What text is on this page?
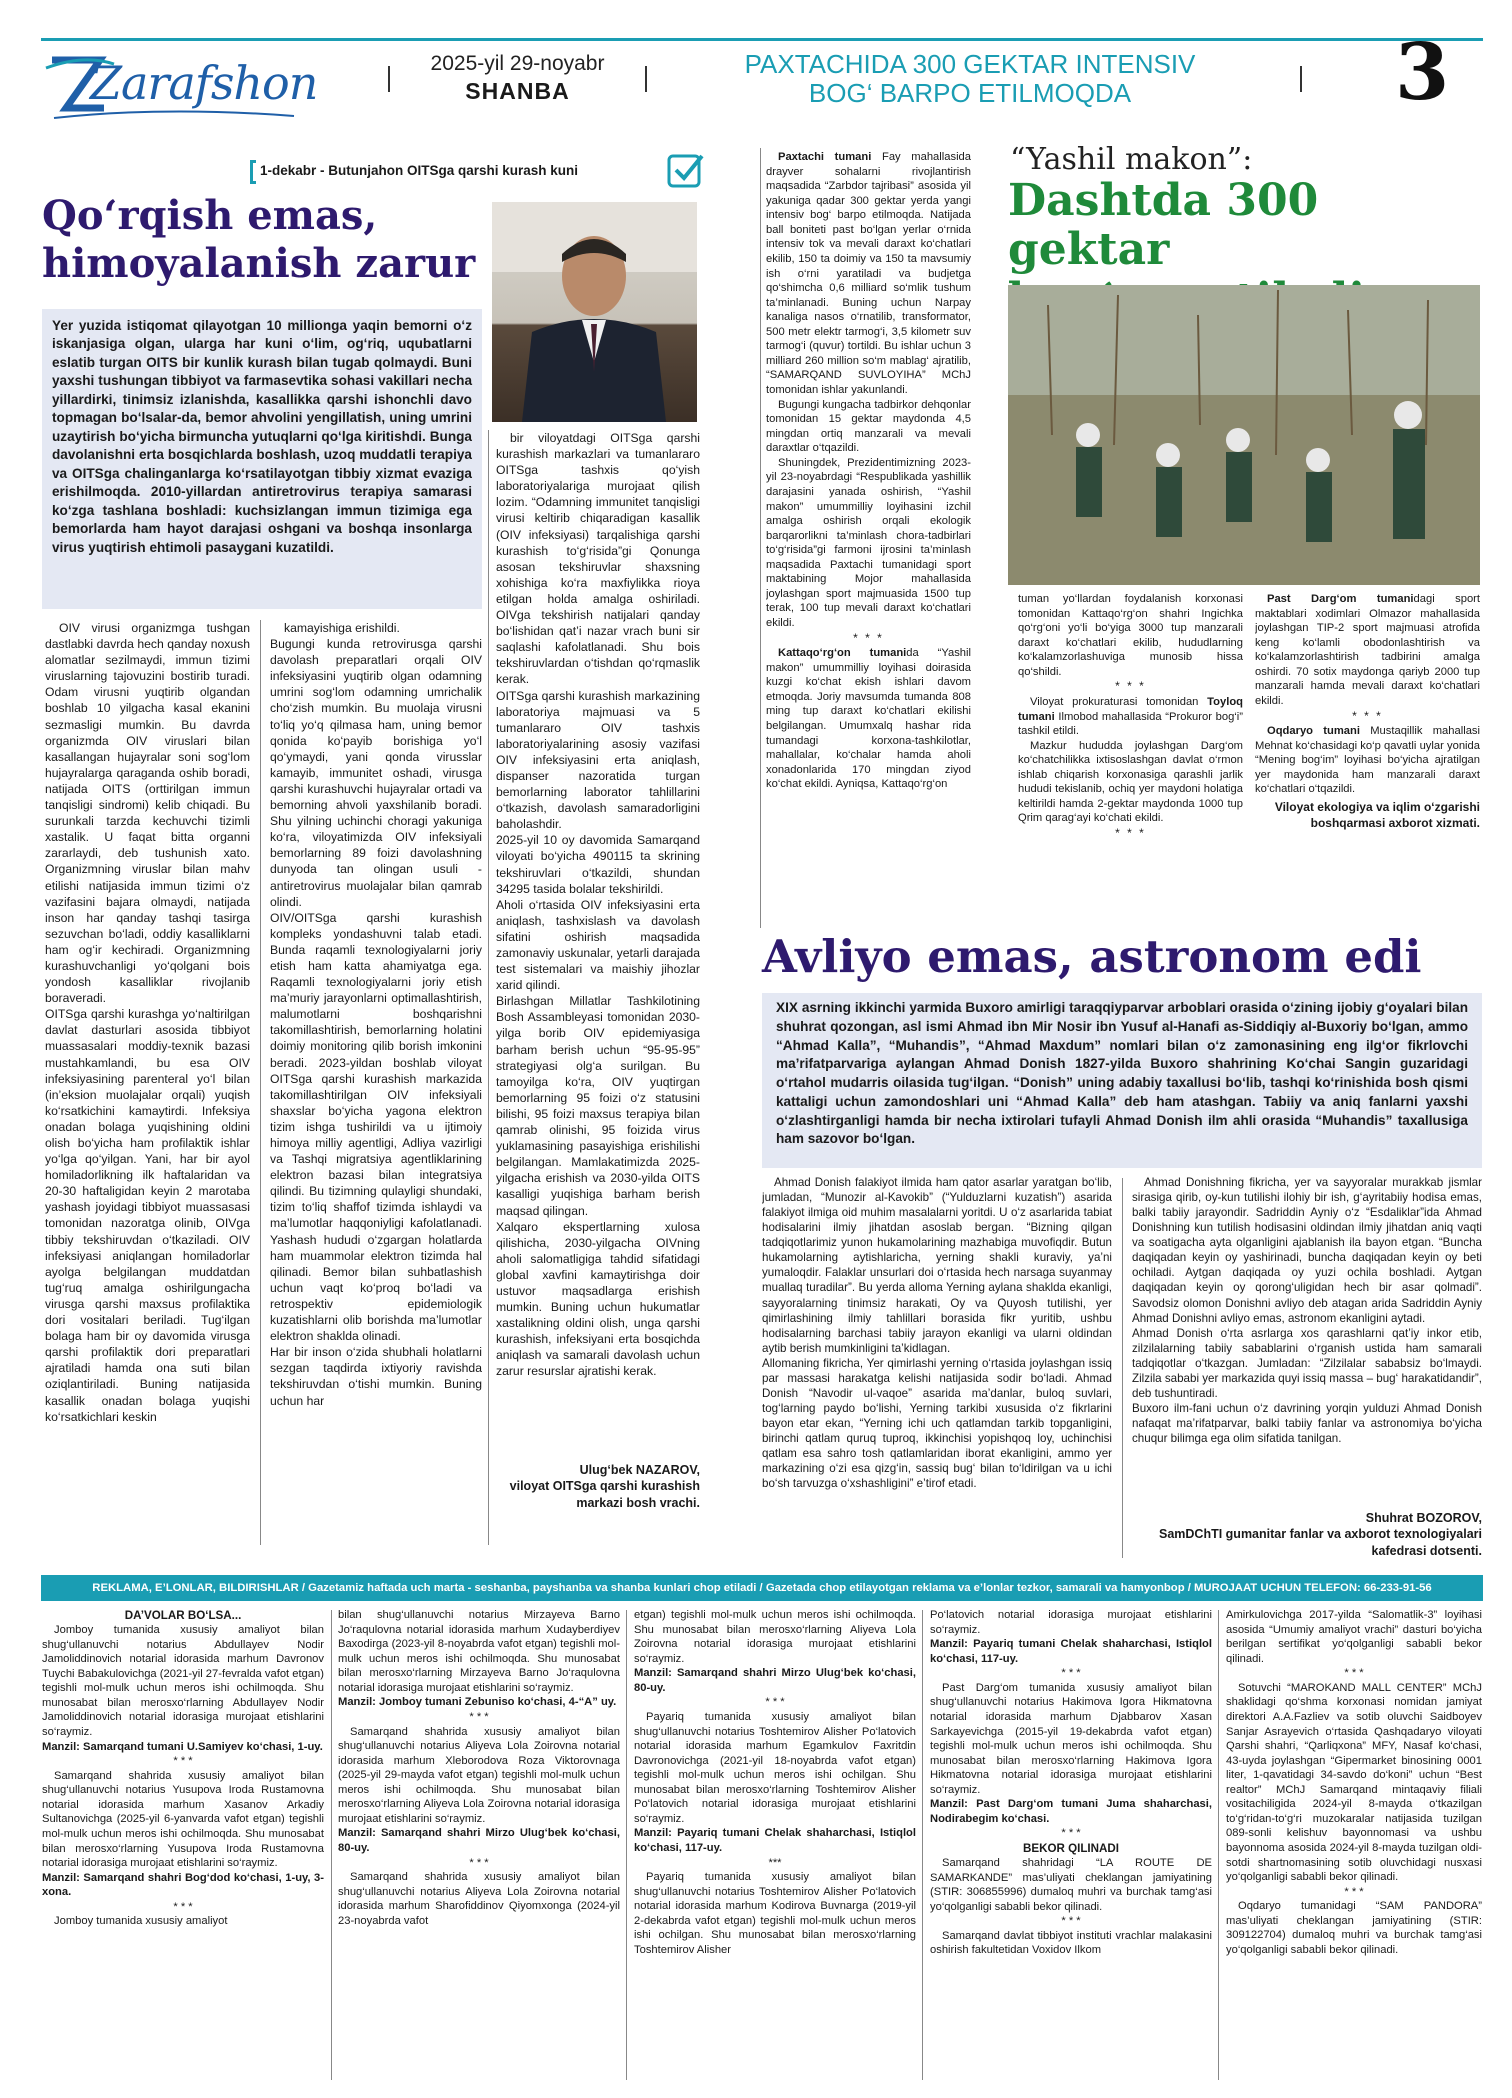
Zarafshon	2025-yil 29-noyabr
SHANBA
PAXTACHIDA 300 GEKTAR INTENSIV
BOG‘ BARPO ETILMOQDA	3
1-dekabr - Butunjahon OITSga qarshi kurash kuni
Qo‘rqish emas,
himoyalanish zarur
Yer yuzida istiqomat qilayotgan 10 millionga yaqin bemorni o‘z iskanjasiga olgan, ularga har kuni o‘lim, og‘riq, uqubatlarni eslatib turgan OITS bir kunlik kurash bilan tugab qolmaydi. Buni yaxshi tushungan tibbiyot va farmasevtika sohasi vakillari necha yillardirki, tinimsiz izlanishda, kasallikka qarshi ishonchli davo topmagan bo‘lsalar-da, bemor ahvolini yengillatish, uning umrini uzaytirish bo‘yicha birmuncha yutuqlarni qo‘lga kiritishdi. Bunga davolanishni erta bosqichlarda boshlash, uzoq muddatli terapiya va OITSga chalinganlarga ko‘rsatilayotgan tibbiy xizmat evaziga erishilmoqda. 2010-yillardan antiretrovirus terapiya samarasi ko‘zga tashlana boshladi: kuchsizlangan immun tizimiga ega bemorlarda ham hayot darajasi oshgani va boshqa insonlarga virus yuqtirish ehtimoli pasaygani kuzatildi.
OIV virusi organizmga tushgan dastlabki davrda hech qanday noxush alomatlar sezilmaydi, immun tizimi viruslarning tajovuzini bostirib turadi. Odam virusni yuqtirib olgandan boshlab 10 yilgacha kasal ekanini sezmasligi mumkin. Bu davrda organizmda OIV viruslari bilan kasallangan hujayralar soni sog‘lom hujayralarga qaraganda oshib boradi, natijada OITS (orttirilgan immun tanqisligi sindromi) kelib chiqadi. Bu surunkali tarzda kechuvchi tizimli xastalik. U faqat bitta organni zararlaydi, deb tushunish xato. Organizmning viruslar bilan mahv etilishi natijasida immun tizimi o‘z vazifasini bajara olmaydi, natijada inson har qanday tashqi tasirga sezuvchan bo‘ladi, oddiy kasalliklarni ham og‘ir kechiradi. Organizmning kurashuvchanligi yo‘qolgani bois yondosh kasalliklar rivojlanib boraveradi.
OITSga qarshi kurashga yo‘naltirilgan davlat dasturlari asosida tibbiyot muassasalari moddiy-texnik bazasi mustahkamlandi, bu esa OIV infeksiyasining parenteral yo‘l bilan (in’eksion muolajalar orqali) yuqish ko‘rsatkichini kamaytirdi. Infeksiya onadan bolaga yuqishining oldini olish bo‘yicha ham profilaktik ishlar yo‘lga qo‘yilgan. Yani, har bir ayol homiladorlikning ilk haftalaridan va 20-30 haftaligidan keyin 2 marotaba yashash joyidagi tibbiyot muassasasi tomonidan nazoratga olinib, OIVga tibbiy tekshiruvdan o‘tkaziladi. OIV infeksiyasi aniqlangan homiladorlar ayolga belgilangan muddatdan tug‘ruq amalga oshirilgungacha virusga qarshi maxsus profilaktika dori vositalari beriladi. Tug‘ilgan bolaga ham bir oy davomida virusga qarshi profilaktik dori preparatlari ajratiladi hamda ona suti bilan oziqlantiriladi. Buning natijasida kasallik onadan bolaga yuqishi ko‘rsatkichlari keskin
kamayishiga erishildi.
Bugungi kunda retrovirusga qarshi davolash preparatlari orqali OIV infeksiyasini yuqtirib olgan odamning umrini sog‘lom odamning umrichalik cho‘zish mumkin. Bu muolaja virusni to‘liq yo‘q qilmasa ham, uning bemor qonida ko‘payib borishiga yo‘l qo‘ymaydi, yani qonda virusslar kamayib, immunitet oshadi, virusga qarshi kurashuvchi hujayralar ortadi va bemorning ahvoli yaxshilanib boradi. Shu yilning uchinchi choragi yakuniga ko‘ra, viloyatimizda OIV infeksiyali bemorlarning 89 foizi davolashning dunyoda tan olingan usuli - antiretrovirus muolajalar bilan qamrab olindi.
OIV/OITSga qarshi kurashish kompleks yondashuvni talab etadi. Bunda raqamli texnologiyalarni joriy etish ham katta ahamiyatga ega. Raqamli texnologiyalarni joriy etish ma’muriy jarayonlarni optimallashtirish, malumotlarni boshqarishni takomillashtirish, bemorlarning holatini doimiy monitoring qilib borish imkonini beradi. 2023-yildan boshlab viloyat OITSga qarshi kurashish markazida takomillashtirilgan OIV infeksiyali shaxslar bo‘yicha yagona elektron tizim ishga tushirildi va u ijtimoiy himoya milliy agentligi, Adliya vazirligi va Tashqi migratsiya agentliklarining elektron bazasi bilan integratsiya qilindi. Bu tizimning qulayligi shundaki, tizim to‘liq shaffof tizimda ishlaydi va ma’lumotlar haqqoniyligi kafolatlanadi. Yashash hududi o‘zgargan holatlarda ham muammolar elektron tizimda hal qilinadi. Bemor bilan suhbatlashish uchun vaqt ko‘proq bo‘ladi va retrospektiv epidemiologik kuzatishlarni olib borishda ma’lumotlar elektron shaklda olinadi.
Har bir inson o‘zida shubhali holatlarni sezgan taqdirda ixtiyoriy ravishda tekshiruvdan o‘tishi mumkin. Buning uchun har
bir viloyatdagi OITSga qarshi kurashish markazlari va tumanlararo OITSga tashxis qo‘yish laboratoriyalariga murojaat qilish lozim. “Odamning immunitet tanqisligi virusi keltirib chiqaradigan kasallik (OIV infeksiyasi) tarqalishiga qarshi kurashish to‘g‘risida”gi Qonunga asosan tekshiruvlar shaxsning xohishiga ko‘ra maxfiylikka rioya etilgan holda amalga oshiriladi. OIVga tekshirish natijalari qanday bo‘lishidan qat’i nazar vrach buni sir saqlashi kafolatlanadi. Shu bois tekshiruvlardan o‘tishdan qo‘rqmaslik kerak.
OITSga qarshi kurashish markazining laboratoriya majmuasi va 5 tumanlararo OIV tashxis laboratoriyalarining asosiy vazifasi OIV infeksiyasini erta aniqlash, dispanser nazoratida turgan bemorlarning laborator tahlillarini o‘tkazish, davolash samaradorligini baholashdir.
2025-yil 10 oy davomida Samarqand viloyati bo‘yicha 490115 ta skrining tekshiruvlari o‘tkazildi, shundan 34295 tasida bolalar tekshirildi.
Aholi o‘rtasida OIV infeksiyasini erta aniqlash, tashxislash va davolash sifatini oshirish maqsadida zamonaviy uskunalar, yetarli darajada test sistemalari va maishiy jihozlar xarid qilindi.
Birlashgan Millatlar Tashkilotining Bosh Assambleyasi tomonidan 2030-yilga borib OIV epidemiyasiga barham berish uchun “95-95-95” strategiyasi olg‘a surilgan. Bu tamoyilga ko‘ra, OIV yuqtirgan bemorlarning 95 foizi o‘z statusini bilishi, 95 foizi maxsus terapiya bilan qamrab olinishi, 95 foizida virus yuklamasining pasayishiga erishilishi belgilangan. Mamlakatimizda 2025-yilgacha erishish va 2030-yilda OITS kasalligi yuqishiga barham berish maqsad qilingan.
Xalqaro ekspertlarning xulosa qilishicha, 2030-yilgacha OIVning aholi salomatligiga tahdid sifatidagi global xavfini kamaytirishga doir ustuvor maqsadlarga erishish mumkin. Buning uchun hukumatlar xastalikning oldini olish, unga qarshi kurashish, infeksiyani erta bosqichda aniqlash va samarali davolash uchun zarur resurslar ajratishi kerak.
Ulug‘bek NAZAROV,
viloyat OITSga qarshi kurashish markazi bosh vrachi.

Paxtachi tumani Fay mahallasida drayver sohalarni rivojlantirish maqsadida “Zarbdor tajribasi” asosida yil yakuniga qadar 300 gektar yerda yangi intensiv bog‘ barpo etilmoqda. Natijada ball boniteti past bo‘lgan yerlar o‘rnida intensiv tok va mevali daraxt ko‘chatlari ekilib, 150 ta doimiy va 150 ta mavsumiy ish o‘rni yaratiladi va budjetga qo‘shimcha 0,6 milliard so‘mlik tushum ta’minlanadi. Buning uchun Narpay kanaliga nasos o‘rnatilib, transformator, 500 metr elektr tarmog‘i, 3,5 kilometr suv tarmog‘i (quvur) tortildi. Bu ishlar uchun 3 milliard 260 million so‘m mablag‘ ajratilib, “SAMARQAND SUVLOYIHA” MChJ tomonidan ishlar yakunlandi.

Bugungi kungacha tadbirkor dehqonlar tomonidan 15 gektar maydonda 4,5 mingdan ortiq manzarali va mevali daraxtlar o‘tqazildi.

Shuningdek, Prezidentimizning 2023-yil 23-noyabrdagi “Respublikada yashillik darajasini yanada oshirish, “Yashil makon” umummilliy loyihasini izchil amalga oshirish orqali ekologik barqarorlikni ta’minlash chora-tadbirlari to‘g‘risida”gi farmoni ijrosini ta’minlash maqsadida Paxtachi tumanidagi sport maktabining Mojor mahallasida joylashgan sport majmuasida 1500 tup terak, 100 tup mevali daraxt ko‘chatlari ekildi.

* * *

Kattaqo‘rg‘on tumanida “Yashil makon” umummilliy loyihasi doirasida kuzgi ko‘chat ekish ishlari davom etmoqda. Joriy mavsumda tumanda 808 ming tup daraxt ko‘chatlari ekilishi belgilangan. Umumxalq hashar rida tumandagi korxona-tashkilotlar, mahallalar, ko‘chalar hamda aholi xonadonlarida 170 mingdan ziyod ko‘chat ekildi. Ayniqsa, Kattaqo‘rg‘on

“Yashil makon”:
Dashtda 300 gektar

tuman yo‘llardan foydalanish korxonasi tomonidan Kattaqo‘rg‘on shahri Ingichka qo‘rg‘oni yo‘li bo‘yiga 3000 tup manzarali daraxt ko‘chatlari ekilib, hududlarning ko‘kalamzorlashuviga munosib hissa qo‘shildi.

* * *

Viloyat prokuraturasi tomonidan Toyloq tumani Ilmobod mahallasida “Prokuror bog‘i” tashkil etildi.

Mazkur hududda joylashgan Darg‘om ko‘chatchilikka ixtisoslashgan davlat o‘rmon ishlab chiqarish korxonasiga qarashli jarlik hududi tekislanib, ochiq yer maydoni holatiga keltirildi hamda 2-gektar maydonda 1000 tup Qrim qarag‘ayi ko‘chati ekildi.

* * *

Past Darg‘om tumanidagi sport maktablari xodimlari Olmazor mahallasida joylashgan TIP-2 sport majmuasi atrofida keng ko‘lamli obodonlashtirish va ko‘kalamzorlashtirish tadbirini amalga oshirdi. 70 sotix maydonga qariyb 2000 tup manzarali hamda mevali daraxt ko‘chatlari ekildi.

* * *

Oqdaryo tumani Mustaqillik mahallasi Mehnat ko‘chasidagi ko‘p qavatli uylar yonida “Mening bog‘im” loyihasi bo‘yicha ajratilgan yer maydonida ham manzarali daraxt ko‘chatlari o‘tqazildi.

Viloyat ekologiya va iqlim o‘zgarishi boshqarmasi axborot xizmati.
Avliyo emas, astronom edi
XIX asrning ikkinchi yarmida Buxoro amirligi taraqqiyparvar arboblari orasida o‘zining ijobiy g‘oyalari bilan shuhrat qozongan, asl ismi Ahmad ibn Mir Nosir ibn Yusuf al-Hanafi as-Siddiqiy al-Buxoriy bo‘lgan, ammo “Ahmad Kalla”, “Muhandis”, “Ahmad Maxdum” nomlari bilan o‘z zamonasining eng ilg‘or fikrlovchi ma’rifatparvariga aylangan Ahmad Donish 1827-yilda Buxoro shahrining Ko‘chai Sangin guzaridagi o‘rtahol mudarris oilasida tug‘ilgan. “Donish” uning adabiy taxallusi bo‘lib, tashqi ko‘rinishida bosh qismi kattaligi uchun zamondoshlari uni “Ahmad Kalla” deb ham atashgan. Tabiiy va aniq fanlarni yaxshi o‘zlashtirganligi hamda bir necha ixtirolari tufayli Ahmad Donish ilm ahli orasida “Muhandis” taxallusiga ham sazovor bo‘lgan.
Ahmad Donish falakiyot ilmida ham qator asarlar yaratgan bo‘lib, jumladan, “Munozir al-Kavokib” (“Yulduzlarni kuzatish”) asarida falakiyot ilmiga oid muhim masalalarni yoritdi. U o‘z asarlarida tabiat hodisalarini ilmiy jihatdan asoslab bergan. “Bizning qilgan tadqiqotlarimiz yunon hukamolarining mazhabiga muvofiqdir. Butun hukamolarning aytishlaricha, yerning shakli kuraviy, ya’ni yumaloqdir. Falaklar unsurlari doi o‘rtasida hech narsaga suyanmay muallaq turadilar”. Bu yerda alloma Yerning aylana shaklda ekanligi, sayyoralarning tinimsiz harakati, Oy va Quyosh tutilishi, yer qimirlashining ilmiy tahlillari borasida fikr yuritib, ushbu hodisalarning barchasi tabiiy jarayon ekanligi va ularni oldindan aytib berish mumkinligini ta’kidlagan.
Allomaning fikricha, Yer qimirlashi yerning o‘rtasida joylashgan issiq par massasi harakatga kelishi natijasida sodir bo‘ladi. Ahmad Donish “Navodir ul-vaqoe” asarida ma’danlar, buloq suvlari, tog‘larning paydo bo‘lishi, Yerning tarkibi xususida o‘z fikrlarini bayon etar ekan, “Yerning ichi uch qatlamdan tarkib topganligini, birinchi qatlam quruq tuproq, ikkinchisi yopishqoq loy, uchinchisi qatlam esa sahro tosh qatlamlaridan iborat ekanligini, ammo yer markazining o‘zi esa qizg‘in, sassiq bug‘ bilan to‘ldirilgan va u ichi bo‘sh tarvuzga o‘xshashligini” e’tirof etadi.
Ahmad Donishning fikricha, yer va sayyoralar murakkab jismlar sirasiga qirib, oy-kun tutilishi ilohiy bir ish, g‘ayritabiiy hodisa emas, balki tabiiy jarayondir. Sadriddin Ayniy o‘z “Esdaliklar”ida Ahmad Donishning kun tutilish hodisasini oldindan ilmiy jihatdan aniq vaqti va soatigacha ayta olganligini ajablanish ila bayon etgan. “Buncha daqiqadan keyin oy yashirinadi, buncha daqiqadan keyin oy beti ochiladi. Aytgan daqiqada oy yuzi ochila boshladi. Aytgan daqiqadan keyin oy qorong‘uligidan hech bir asar qolmadi”. Savodsiz olomon Donishni avliyo deb atagan arida Sadriddin Ayniy Ahmad Donishni avliyo emas, astronom ekanligini aytadi.
Ahmad Donish o‘rta asrlarga xos qarashlarni qat’iy inkor etib, zilzilalarning tabiiy sabablarini o‘rganish ustida ham samarali tadqiqotlar o‘tkazgan. Jumladan: “Zilzilalar sababsiz bo‘lmaydi. Zilzila sababi yer markazida quyi issiq massa – bug‘ harakatidandir”, deb tushuntiradi.
Buxoro ilm-fani uchun o‘z davrining yorqin yulduzi Ahmad Donish nafaqat ma’rifatparvar, balki tabiiy fanlar va astronomiya bo‘yicha chuqur bilimga ega olim sifatida tanilgan.
Shuhrat BOZOROV,
SamDChTI gumanitar fanlar va axborot texnologiyalari kafedrasi dotsenti.
REKLAMA, E’LONLAR, BILDIRISHLAR / Gazetamiz haftada uch marta - seshanba, payshanba va shanba kunlari chop etiladi / Gazetada chop etilayotgan reklama va e’lonlar tezkor, samarali va hamyonbop / MUROJAAT UCHUN TELEFON: 66-233-91-56
DA’VOLAR BO‘LSA...
Jomboy tumanida xususiy amaliyot bilan shug‘ullanuvchi notarius Abdullayev Nodir Jamoliddinovich notarial idorasida marhum Davronov Tuychi Babakulovichga (2021-yil 27-fevralda vafot etgan) tegishli mol-mulk uchun meros ishi ochilmoqda. Shu munosabat bilan merosxo‘rlarning Abdullayev Nodir Jamoliddinovich notarial idorasiga murojaat etishlarini so‘raymiz.
Manzil: Samarqand tumani U.Samiyev ko‘chasi, 1-uy.
* * *
Samarqand shahrida xususiy amaliyot bilan shug‘ullanuvchi notarius Yusupova Iroda Rustamovna notarial idorasida marhum Xasanov Arkadiy Sultanovichga (2025-yil 6-yanvarda vafot etgan) tegishli mol-mulk uchun meros ishi ochilmoqda. Shu munosabat bilan merosxo‘rlarning Yusupova Iroda Rustamovna notarial idorasiga murojaat etishlarini so‘raymiz.
Manzil: Samarqand shahri Bog‘dod ko‘chasi, 1-uy, 3-xona.
* * *
Jomboy tumanida xususiy amaliyot
bilan shug‘ullanuvchi notarius Mirzayeva Barno Jo‘raqulovna notarial idorasida marhum Xudayberdiyev Baxodirga (2023-yil 8-noyabrda vafot etgan) tegishli mol-mulk uchun meros ishi ochilmoqda. Shu munosabat bilan merosxo‘rlarning Mirzayeva Barno Jo‘raqulovna notarial idorasiga murojaat etishlarini so‘raymiz.
Manzil: Jomboy tumani Zebuniso ko‘chasi, 4-“A” uy.
* * *
Samarqand shahrida xususiy amaliyot bilan shug‘ullanuvchi notarius Aliyeva Lola Zoirovna notarial idorasida marhum Xleborodova Roza Viktorovnaga (2025-yil 29-mayda vafot etgan) tegishli mol-mulk uchun meros ishi ochilmoqda. Shu munosabat bilan merosxo‘rlarning Aliyeva Lola Zoirovna notarial idorasiga murojaat etishlarini so‘raymiz.
Manzil: Samarqand shahri Mirzo Ulug‘bek ko‘chasi, 80-uy.
* * *
Samarqand shahrida xususiy amaliyot bilan shug‘ullanuvchi notarius Aliyeva Lola Zoirovna notarial idorasida marhum Sharofiddinov Qiyomxonga (2024-yil 23-noyabrda vafot
etgan) tegishli mol-mulk uchun meros ishi ochilmoqda. Shu munosabat bilan merosxo‘rlarning Aliyeva Lola Zoirovna notarial idorasiga murojaat etishlarini so‘raymiz.
Manzil: Samarqand shahri Mirzo Ulug‘bek ko‘chasi, 80-uy.
* * *
Payariq tumanida xususiy amaliyot bilan shug‘ullanuvchi notarius Toshtemirov Alisher Po‘latovich notarial idorasida marhum Egamkulov Faxritdin Davronovichga (2021-yil 18-noyabrda vafot etgan) tegishli mol-mulk uchun meros ishi ochilgan. Shu munosabat bilan merosxo‘rlarning Toshtemirov Alisher Po‘latovich notarial idorasiga murojaat etishlarini so‘raymiz.
Manzil: Payariq tumani Chelak shaharchasi, Istiqlol ko‘chasi, 117-uy.
***
Payariq tumanida xususiy amaliyot bilan shug‘ullanuvchi notarius Toshtemirov Alisher Po‘latovich notarial idorasida marhum Kodirova Buvnarga (2019-yil 2-dekabrda vafot etgan) tegishli mol-mulk uchun meros ishi ochilgan. Shu munosabat bilan merosxo‘rlarning Toshtemirov Alisher
Po‘latovich notarial idorasiga murojaat etishlarini so‘raymiz.
Manzil: Payariq tumani Chelak shaharchasi, Istiqlol ko‘chasi, 117-uy.
* * *
Past Darg‘om tumanida xususiy amaliyot bilan shug‘ullanuvchi notarius Hakimova Igora Hikmatovna notarial idorasida marhum Djabbarov Xasan Sarkayevichga (2015-yil 19-dekabrda vafot etgan) tegishli mol-mulk uchun meros ishi ochilmoqda. Shu munosabat bilan merosxo‘rlarning Hakimova Igora Hikmatovna notarial idorasiga murojaat etishlarini so‘raymiz.
Manzil: Past Darg‘om tumani Juma shaharchasi, Nodirabegim ko‘chasi.
* * *
BEKOR QILINADI
Samarqand shahridagi “LA ROUTE DE SAMARKANDE” mas’uliyati cheklangan jamiyatining (STIR: 306855996) dumaloq muhri va burchak tamg‘asi yo‘qolganligi sababli bekor qilinadi.
* * *
Samarqand davlat tibbiyot instituti vrachlar malakasini oshirish fakultetidan Voxidov Ilkom
Amirkulovichga 2017-yilda “Salomatlik-3” loyihasi asosida “Umumiy amaliyot vrachi” dasturi bo‘yicha berilgan sertifikat yo‘qolganligi sababli bekor qilinadi.
* * *
Sotuvchi “MAROKAND MALL CENTER” MChJ shaklidagi qo‘shma korxonasi nomidan jamiyat direktori A.A.Fazliev va sotib oluvchi Saidboyev Sanjar Asrayevich o‘rtasida Qashqadaryo viloyati Qarshi shahri, “Qarliqxona” MFY, Nasaf ko‘chasi, 43-uyda joylashgan “Gipermarket binosining 0001 liter, 1-qavatidagi 34-savdo do‘koni” uchun “Best realtor” MChJ Samarqand mintaqaviy filiali vositachiligida 2024-yil 8-mayda o‘tkazilgan to‘g‘ridan-to‘g‘ri muzokaralar natijasida tuzilgan 089-sonli kelishuv bayonnomasi va ushbu bayonnoma asosida 2024-yil 8-mayda tuzilgan oldi-sotdi shartnomasining sotib oluvchidagi nusxasi yo‘qolganligi sababli bekor qilinadi.
* * *
Oqdaryo tumanidagi “SAM PANDORA” mas’uliyati cheklangan jamiyatining (STIR: 309122704) dumaloq muhri va burchak tamg‘asi yo‘qolganligi sababli bekor qilinadi.
